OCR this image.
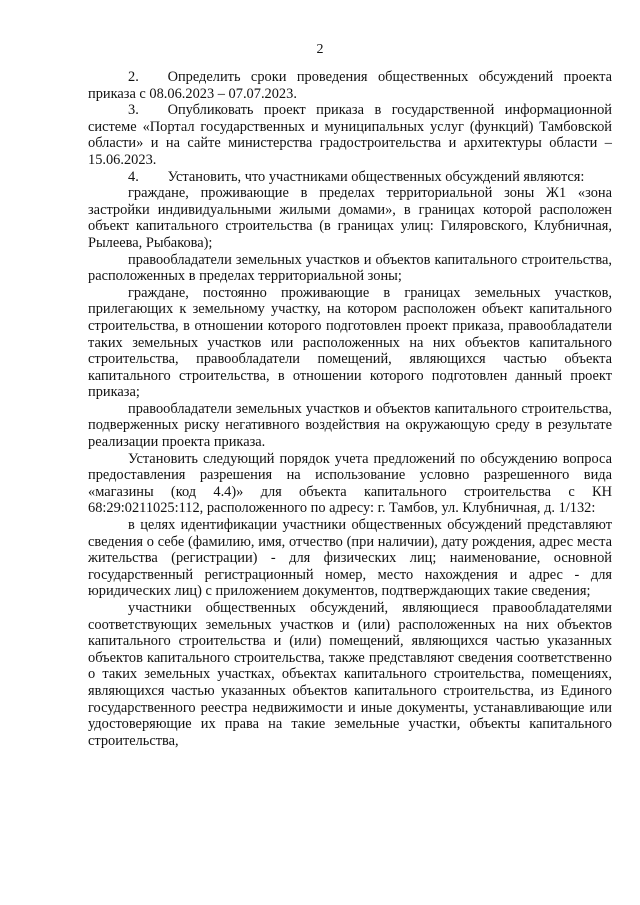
2

2.  Определить сроки проведения общественных обсуждений проекта приказа с 08.06.2023 – 07.07.2023.

3.  Опубликовать проект приказа в государственной информационной системе «Портал государственных и муниципальных услуг (функций) Тамбовской области» и на сайте министерства градостроительства и архитектуры области – 15.06.2023.

4.  Установить, что участниками общественных обсуждений являются:

граждане, проживающие в пределах территориальной зоны Ж1 «зона застройки индивидуальными жилыми домами», в границах которой расположен объект капитального строительства (в границах улиц: Гиляровского, Клубничная, Рылеева, Рыбакова);

правообладатели земельных участков и объектов капитального строительства, расположенных в пределах территориальной зоны;

граждане, постоянно проживающие в границах земельных участков, прилегающих к земельному участку, на котором расположен объект капитального строительства, в отношении которого подготовлен проект приказа, правообладатели таких земельных участков или расположенных на них объектов капитального строительства, правообладатели помещений, являющихся частью объекта капитального строительства, в отношении которого подготовлен данный проект приказа;

правообладатели земельных участков и объектов капитального строительства, подверженных риску негативного воздействия на окружающую среду в результате реализации проекта приказа.

Установить следующий порядок учета предложений по обсуждению вопроса предоставления разрешения на использование условно разрешенного вида «магазины (код 4.4)» для объекта капитального строительства с КН 68:29:0211025:112, расположенного по адресу: г. Тамбов, ул. Клубничная, д. 1/132:

в целях идентификации участники общественных обсуждений представляют сведения о себе (фамилию, имя, отчество (при наличии), дату рождения, адрес места жительства (регистрации) - для физических лиц; наименование, основной государственный регистрационный номер, место нахождения и адрес - для юридических лиц) с приложением документов, подтверждающих такие сведения;

участники общественных обсуждений, являющиеся правообладателями соответствующих земельных участков и (или) расположенных на них объектов капитального строительства и (или) помещений, являющихся частью указанных объектов капитального строительства, также представляют сведения соответственно о таких земельных участках, объектах капитального строительства, помещениях, являющихся частью указанных объектов капитального строительства, из Единого государственного реестра недвижимости и иные документы, устанавливающие или удостоверяющие их права на такие земельные участки, объекты капитального строительства,
